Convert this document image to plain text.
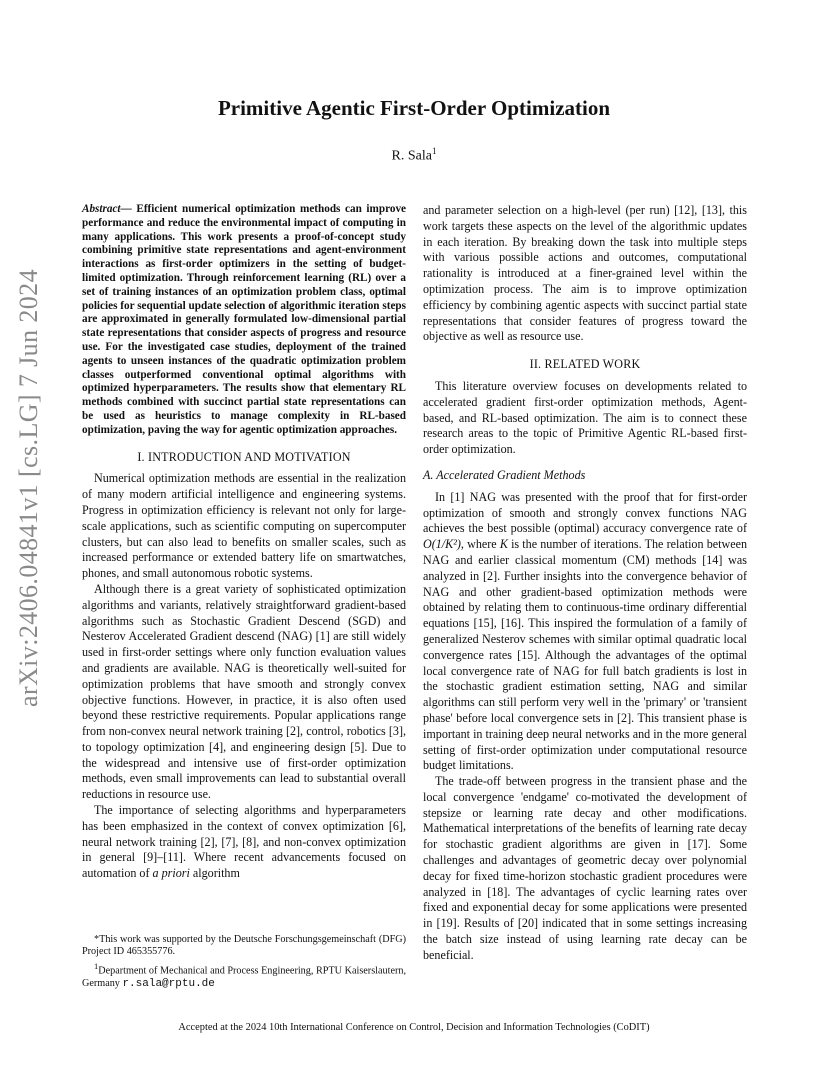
arXiv:2406.04841v1 [cs.LG] 7 Jun 2024
Primitive Agentic First-Order Optimization
R. Sala$^1$

Abstract— Efficient numerical optimization methods can improve performance and reduce the environmental impact of computing in many applications. This work presents a proof-of-concept study combining primitive state representations and agent-environment interactions as first-order optimizers in the setting of budget-limited optimization. Through reinforcement learning (RL) over a set of training instances of an optimization problem class, optimal policies for sequential update selection of algorithmic iteration steps are approximated in generally formulated low-dimensional partial state representations that consider aspects of progress and resource use. For the investigated case studies, deployment of the trained agents to unseen instances of the quadratic optimization problem classes outperformed conventional optimal algorithms with optimized hyperparameters. The results show that elementary RL methods combined with succinct partial state representations can be used as heuristics to manage complexity in RL-based optimization, paving the way for agentic optimization approaches.

I. INTRODUCTION AND MOTIVATION

Numerical optimization methods are essential in the realization of many modern artificial intelligence and engineering systems. Progress in optimization efficiency is relevant not only for large-scale applications, such as scientific computing on supercomputer clusters, but can also lead to benefits on smaller scales, such as increased performance or extended battery life on smartwatches, phones, and small autonomous robotic systems.

Although there is a great variety of sophisticated optimization algorithms and variants, relatively straightforward gradient-based algorithms such as Stochastic Gradient Descend (SGD) and Nesterov Accelerated Gradient descend (NAG) [1] are still widely used in first-order settings where only function evaluation values and gradients are available. NAG is theoretically well-suited for optimization problems that have smooth and strongly convex objective functions. However, in practice, it is also often used beyond these restrictive requirements. Popular applications range from non-convex neural network training [2], control, robotics [3], to topology optimization [4], and engineering design [5]. Due to the widespread and intensive use of first-order optimization methods, even small improvements can lead to substantial overall reductions in resource use.

The importance of selecting algorithms and hyperparameters has been emphasized in the context of convex optimization [6], neural network training [2], [7], [8], and non-convex optimization in general [9]–[11]. Where recent advancements focused on automation of a priori algorithm

*This work was supported by the Deutsche Forschungsgemeinschaft (DFG) Project ID 465355776.

$^1$Department of Mechanical and Process Engineering, RPTU Kaiserslautern, Germany r.sala@rptu.de

and parameter selection on a high-level (per run) [12], [13], this work targets these aspects on the level of the algorithmic updates in each iteration. By breaking down the task into multiple steps with various possible actions and outcomes, computational rationality is introduced at a finer-grained level within the optimization process. The aim is to improve optimization efficiency by combining agentic aspects with succinct partial state representations that consider features of progress toward the objective as well as resource use.

II. RELATED WORK

This literature overview focuses on developments related to accelerated gradient first-order optimization methods, Agent-based, and RL-based optimization. The aim is to connect these research areas to the topic of Primitive Agentic RL-based first-order optimization.

A. Accelerated Gradient Methods

In [1] NAG was presented with the proof that for first-order optimization of smooth and strongly convex functions NAG achieves the best possible (optimal) accuracy convergence rate of O(1/K²), where K is the number of iterations. The relation between NAG and earlier classical momentum (CM) methods [14] was analyzed in [2]. Further insights into the convergence behavior of NAG and other gradient-based optimization methods were obtained by relating them to continuous-time ordinary differential equations [15], [16]. This inspired the formulation of a family of generalized Nesterov schemes with similar optimal quadratic local convergence rates [15]. Although the advantages of the optimal local convergence rate of NAG for full batch gradients is lost in the stochastic gradient estimation setting, NAG and similar algorithms can still perform very well in the 'primary' or 'transient phase' before local convergence sets in [2]. This transient phase is important in training deep neural networks and in the more general setting of first-order optimization under computational resource budget limitations.

The trade-off between progress in the transient phase and the local convergence 'endgame' co-motivated the development of stepsize or learning rate decay and other modifications. Mathematical interpretations of the benefits of learning rate decay for stochastic gradient algorithms are given in [17]. Some challenges and advantages of geometric decay over polynomial decay for fixed time-horizon stochastic gradient procedures were analyzed in [18]. The advantages of cyclic learning rates over fixed and exponential decay for some applications were presented in [19]. Results of [20] indicated that in some settings increasing the batch size instead of using learning rate decay can be beneficial.

Accepted at the 2024 10th International Conference on Control, Decision and Information Technologies (CoDIT)
